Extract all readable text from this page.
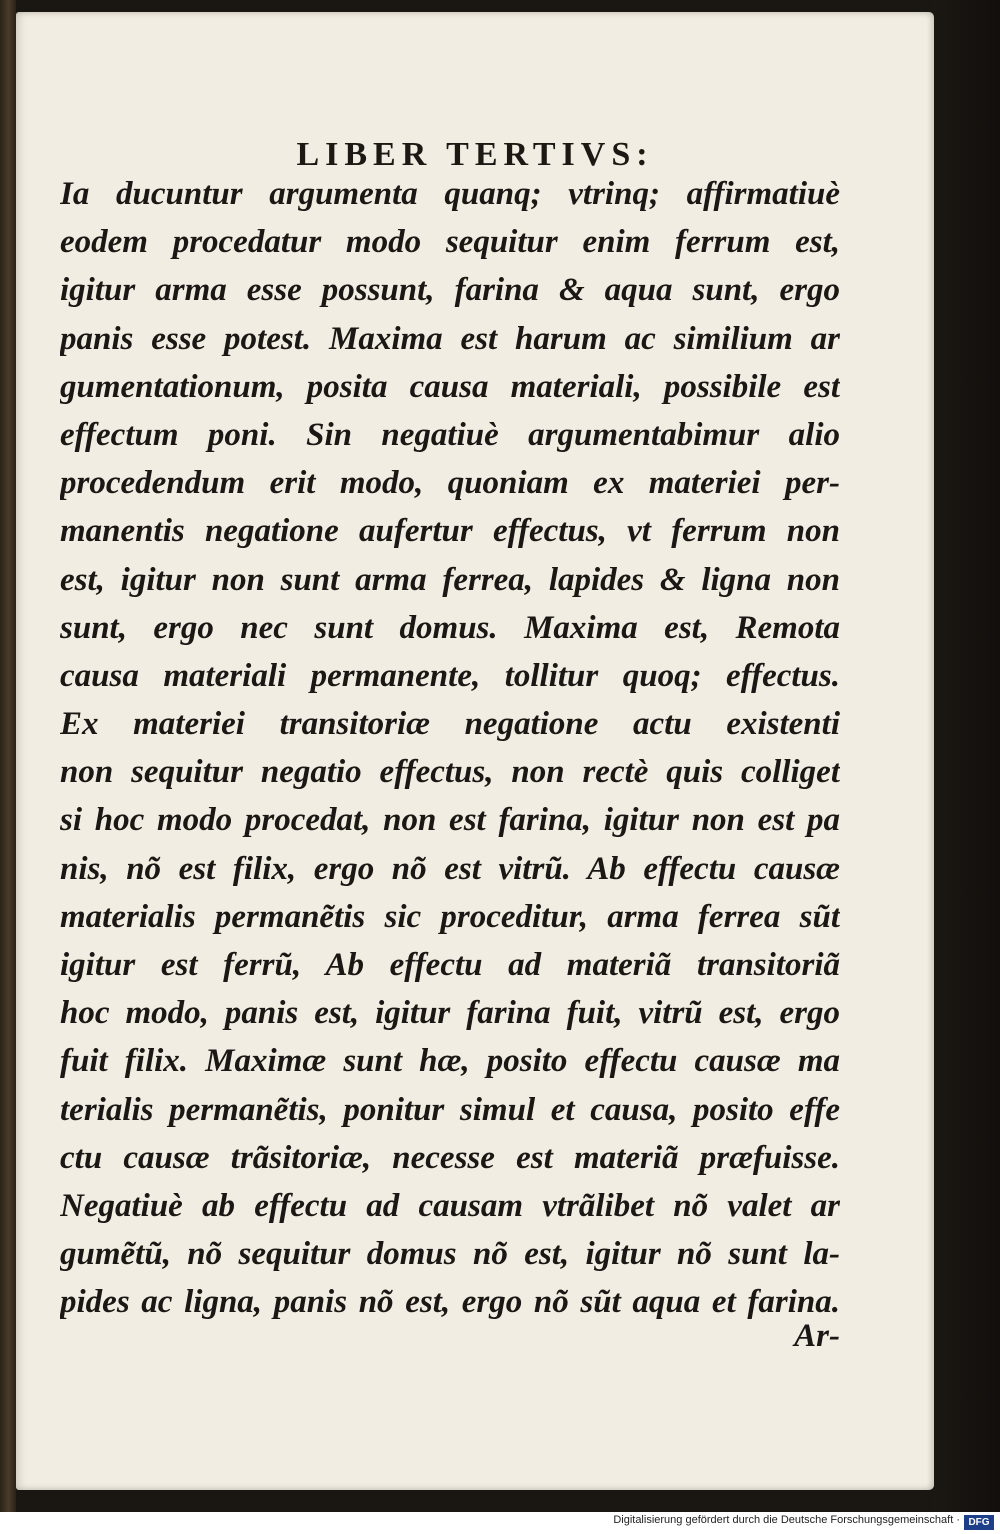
LIBER TERTIVS:
Ia ducuntur argumenta quanq; vtrinq; affirmatiuè
eodem procedatur modo sequitur enim ferrum est,
igitur arma esse possunt, farina & aqua sunt, ergo
panis esse potest. Maxima est harum ac similium ar
gumentationum, posita causa materiali, possibile est
effectum poni. Sin negatiuè argumentabimur alio
procedendum erit modo, quoniam ex materiei per-
manentis negatione aufertur effectus, vt ferrum non
est, igitur non sunt arma ferrea, lapides & ligna non
sunt, ergo nec sunt domus. Maxima est, Remota
causa materiali permanente, tollitur quoq; effectus.
Ex materiei transitoriæ negatione actu existenti
non sequitur negatio effectus, non rectè quis colliget
si hoc modo procedat, non est farina, igitur non est pa
nis, nõ est filix, ergo nõ est vitrũ. Ab effectu causæ
materialis permanẽtis sic proceditur, arma ferrea sũt
igitur est ferrũ, Ab effectu ad materiã transitoriã
hoc modo, panis est, igitur farina fuit, vitrũ est, ergo
fuit filix. Maximæ sunt hæ, posito effectu causæ ma
terialis permanẽtis, ponitur simul et causa, posito effe
ctu causæ trãsitoriæ, necesse est materiã præfuisse.
Negatiuè ab effectu ad causam vtrãlibet nõ valet ar
gumẽtũ, nõ sequitur domus nõ est, igitur nõ sunt la-
pides ac ligna, panis nõ est, ergo nõ sũt aqua et farina.
Ar-
Digitalisierung gefördert durch die Deutsche Forschungsgemeinschaft · DFG
